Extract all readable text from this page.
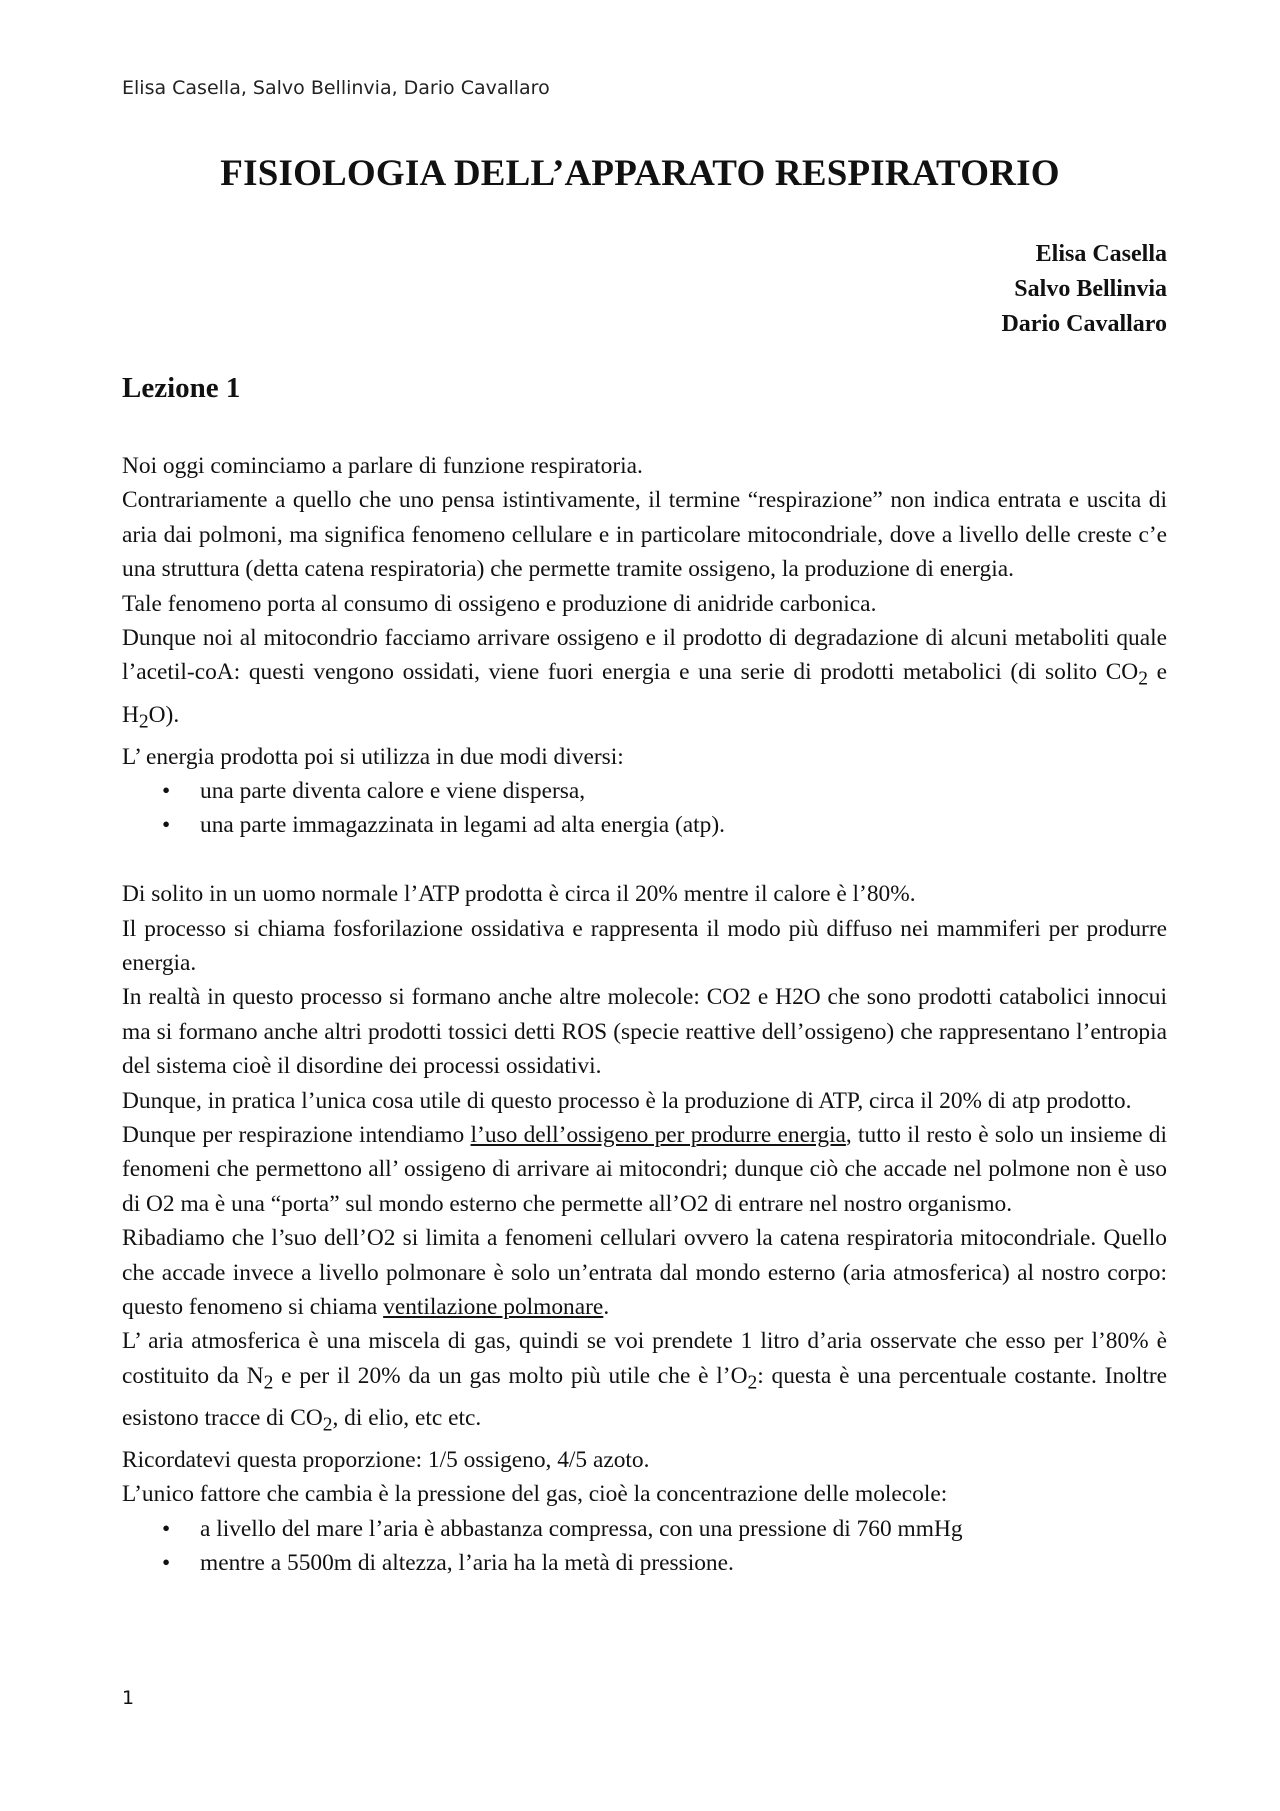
Elisa Casella, Salvo Bellinvia, Dario Cavallaro
FISIOLOGIA DELL’APPARATO RESPIRATORIO
Elisa Casella
Salvo Bellinvia
Dario Cavallaro
Lezione 1

Noi oggi cominciamo a parlare di funzione respiratoria.

Contrariamente a quello che uno pensa istintivamente, il termine “respirazione” non indica entrata e uscita di aria dai polmoni, ma significa fenomeno cellulare e in particolare mitocondriale, dove a livello delle creste c’e una struttura (detta catena respiratoria) che permette tramite ossigeno, la produzione di energia.

Tale fenomeno porta al consumo di ossigeno e produzione di anidride carbonica.

Dunque noi al mitocondrio facciamo arrivare ossigeno e il prodotto di degradazione di alcuni metaboliti quale l’acetil-coA: questi vengono ossidati, viene fuori energia e una serie di prodotti metabolici (di solito $CO_2$ e $H_2O$).

L’ energia prodotta poi si utilizza in due modi diversi:

• una parte diventa calore e viene dispersa,
• una parte immagazzinata in legami ad alta energia (atp).

Di solito in un uomo normale l’ATP prodotta è circa il 20% mentre il calore è l’80%.

Il processo si chiama fosforilazione ossidativa e rappresenta il modo più diffuso nei mammiferi per produrre energia.

In realtà in questo processo si formano anche altre molecole: CO2 e H2O che sono prodotti catabolici innocui ma si formano anche altri prodotti tossici detti ROS (specie reattive dell’ossigeno) che rappresentano l’entropia del sistema cioè il disordine dei processi ossidativi.

Dunque, in pratica l’unica cosa utile di questo processo è la produzione di ATP, circa il 20% di atp prodotto.

Dunque per respirazione intendiamo l’uso dell’ossigeno per produrre energia, tutto il resto è solo un insieme di fenomeni che permettono all’ ossigeno di arrivare ai mitocondri; dunque ciò che accade nel polmone non è uso di O2 ma è una “porta” sul mondo esterno che permette all’O2 di entrare nel nostro organismo.

Ribadiamo che l’suo dell’O2 si limita a fenomeni cellulari ovvero la catena respiratoria mitocondriale. Quello che accade invece a livello polmonare è solo un’entrata dal mondo esterno (aria atmosferica) al nostro corpo: questo fenomeno si chiama ventilazione polmonare.

L’ aria atmosferica è una miscela di gas, quindi se voi prendete 1 litro d’aria osservate che esso per l’80% è costituito da $N_2$ e per il 20% da un gas molto più utile che è $l’O_2$: questa è una percentuale costante. Inoltre esistono tracce di $CO_2$, di elio, etc etc.

Ricordatevi questa proporzione: 1/5 ossigeno, 4/5 azoto.

L’unico fattore che cambia è la pressione del gas, cioè la concentrazione delle molecole:

• a livello del mare l’aria è abbastanza compressa, con una pressione di 760 mmHg
• mentre a 5500m di altezza, l’aria ha la metà di pressione.
1
